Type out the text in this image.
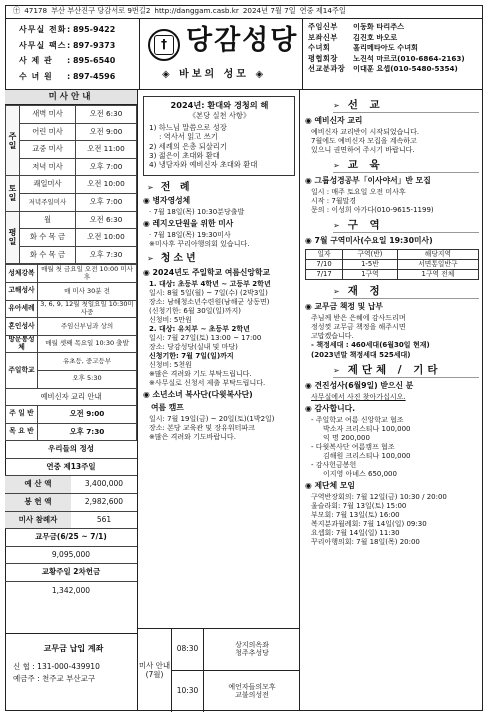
㊉ 47178 부산 부산진구 당감서로 9번길2 http://danggam.casb.kr 2024년 7월 7일 연중 제14주일
사무실 전화 : 895-9422
사무실 팩스 : 897-9373
사 제 관	: 895-6540
수 녀 원	: 897-4596
† 당감성당
◈ 바보의 성모 ◈
주임신부	이동화 타리추스
보좌신부	김진호 바오로
수녀회	홀리메타아도 수녀회
평협회장	노진석 마르코(010-6864-2163)
선교분과장	이대훈 요셉(010-5480-5354)
미사안내
주
일	새벽 미사	오전 6:30
	어린 미사	오전 9:00
	교중 미사	오전 11:00
	저녁 미사	오후 7:00
토
일	쾌일미사	오전 10:00
	저녁주일미사	오후 7:00
평
일	월	오전 6:30
	화 수 목 금	오전 10:00
	화 수 목 금	오후 7:30
성체강복	매월 첫 금요일 오전 10:00 미사후
고해성사	매 미사 30분 전
유아세례	3, 6, 9, 12월 첫일요일 10:30미사중
혼인성사	주임신부님과 상의
방문봉성체	매월 셋째 목요일 10:30 출발
주일학교	유초등, 중고등부
	오후 5:30
예비신자 교리 안내	
주 일 반	오전 9:00
목 요 반	오후 7:30
우리들의 정성
연중 제13주일
예 산 액	3,400,000
봉 헌 액	2,982,600
미사 참례자	561
교무금(6/25 ~ 7/1)
9,095,000
교황주일 2차헌금
1,342,000
교무금 납입 계좌
신 협 : 131-000-439910
예금주 : 천주교 부산교구
2024년: 환대와 경청의 해
《본당 실천 사항》
1) 하느님 말씀으로 성장
: 역사서 읽고 쓰기
2) 세례의 은총 되살리기
3) 젊은이 초대와 환대
4) 냉담자와 예비신자 초대와 환대
➢ 전 례
◉ 병자영성체
· 7월 18일(목) 10:30분당출발
◉ 레지오단원을 위한 미사
· 7월 18일(목) 19:30미사
※미사후 꾸리아행의회 있습니다.
➢ 청소년
◉ 2024년도 주일학교 여름신앙학교
1. 대상: 초등부 4학년 ~ 고등부 2학년
일시: 8월 5일(월) ~ 7일(수) (2박3일)
장소: 남해청소년수련원(남해군 상동면)
(신청기한: 6월 30일(일)까지)
신청비: 5만원
2. 대상: 유치부 ~ 초등부 2학년
일시: 7월 27일(토) 13:00 ~ 17:00
장소: 당감성당(실내 및 마당)
신청기한: 7월 7일(일)까지
신청비: 5천원
※많은 격려와 기도 부탁드립니다.
※사무실로 신청서 제출 부탁드립니다.
◉ 소년소녀 복사단(다윗복사단)
여름 캠프
일시: 7월 19일(금) ~ 20일(토)(1박2일)
장소: 본당 교육관 및 장유워터파크
※많은 격려와 기도바랍니다.
미사 안내 (7월)
08:30	상지의옥좌
청주추성당
10:30	예언자들의모후
교불의성전
➢ 선 교
◉ 예비신자 교리
예비신자 교리반이 시작되었습니다.
7월에도 예비신자 모집을 계속하고
있으니 권면하여 주시기 바랍니다.
➢ 교 육
◉ 그룹성경공부「이사야서」반 모집
일시 : 매주 토요일 오전 미사후
시작 : 7월말경
문의 : 이성희 아가다(010-9615-1199)
➢ 구 역
◉ 7월 구역미사(수요일 19:30미사)
일자	구역(반)	해당지역
7/10	1-5반	서면통일반구
7/17	1구역	1구역 전체
➢ 재 정
◉ 교무금 책정 및 납부
주님께 받은 은혜에 감사드리며
정성껏 교무금 책정을 해주시면
고맙겠습니다.
- 책정세대 : 460세대(6월30일 현재)
(2023년말 책정세대 525세대)
➢ 제단체 / 기타
◉ 견진성사(6월9일) 받으신 분
사무실에서 사진 찾아가십시오.
◉ 감사합니다.
- 주일학교 여름 신앙학교 협조
박소자 크리스티나 100,000
익 명 200,000
- 다윗복사단 여름캠프 협조
김해원 크리스티나 100,000
- 감사헌금봉헌
이지영 아녜스 650,000
◉ 제단체 모임
구역반장회의: 7월 12일(금) 10:30 / 20:00
울슬라회: 7월 13일(토) 15:00
부모회: 7월 13일(토) 16:00
복지분과월례회: 7월 14일(일) 09:30
요셉회: 7월 14일(일) 11:30
꾸리아행의회: 7월 18일(목) 20:00
